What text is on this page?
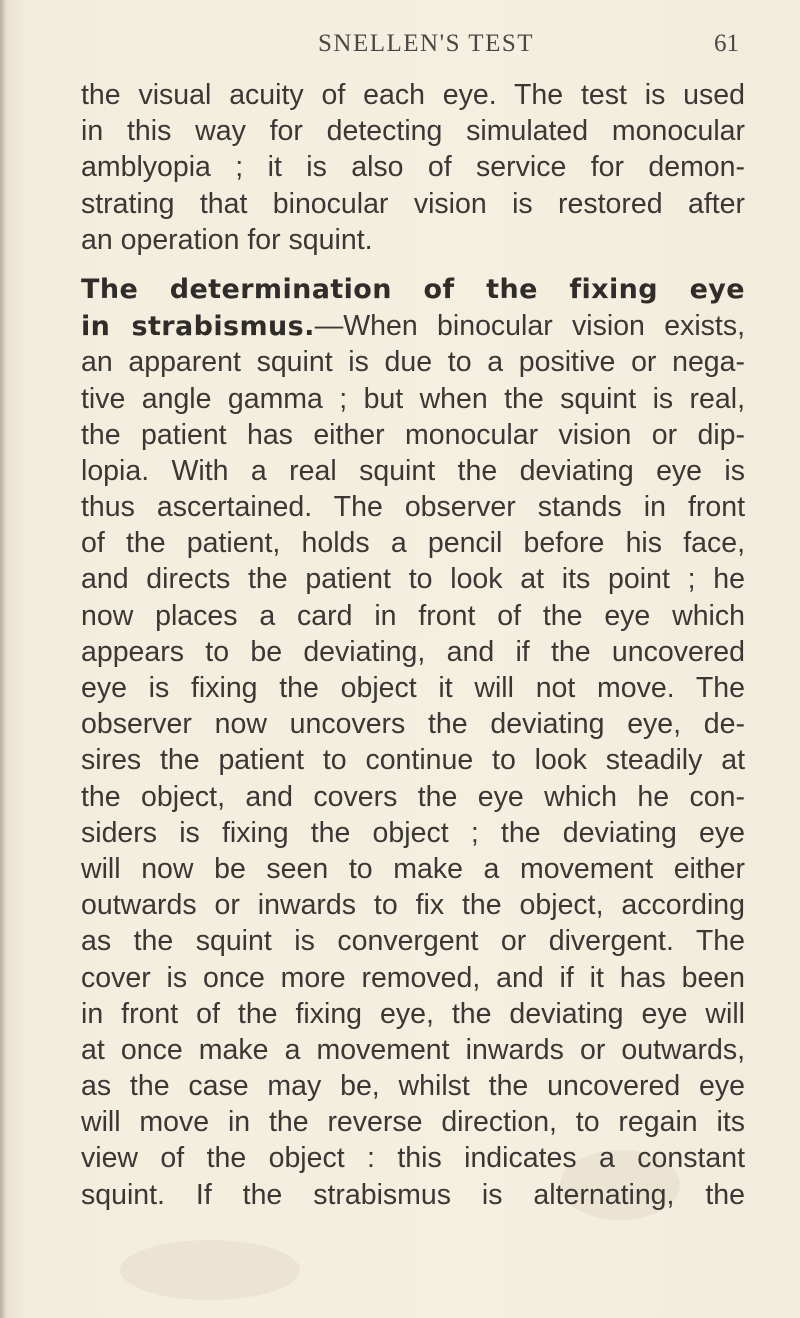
SNELLEN'S TEST	61
the visual acuity of each eye. The test is used
in this way for detecting simulated monocular
amblyopia ; it is also of service for demon-
strating that binocular vision is restored after
an operation for squint.
The determination of the fixing eye
in strabismus.—When binocular vision exists,
an apparent squint is due to a positive or nega-
tive angle gamma ; but when the squint is real,
the patient has either monocular vision or dip-
lopia. With a real squint the deviating eye is
thus ascertained. The observer stands in front
of the patient, holds a pencil before his face,
and directs the patient to look at its point ; he
now places a card in front of the eye which
appears to be deviating, and if the uncovered
eye is fixing the object it will not move. The
observer now uncovers the deviating eye, de-
sires the patient to continue to look steadily at
the object, and covers the eye which he con-
siders is fixing the object ; the deviating eye
will now be seen to make a movement either
outwards or inwards to fix the object, according
as the squint is convergent or divergent. The
cover is once more removed, and if it has been
in front of the fixing eye, the deviating eye will
at once make a movement inwards or outwards,
as the case may be, whilst the uncovered eye
will move in the reverse direction, to regain its
view of the object : this indicates a constant
squint. If the strabismus is alternating, the
